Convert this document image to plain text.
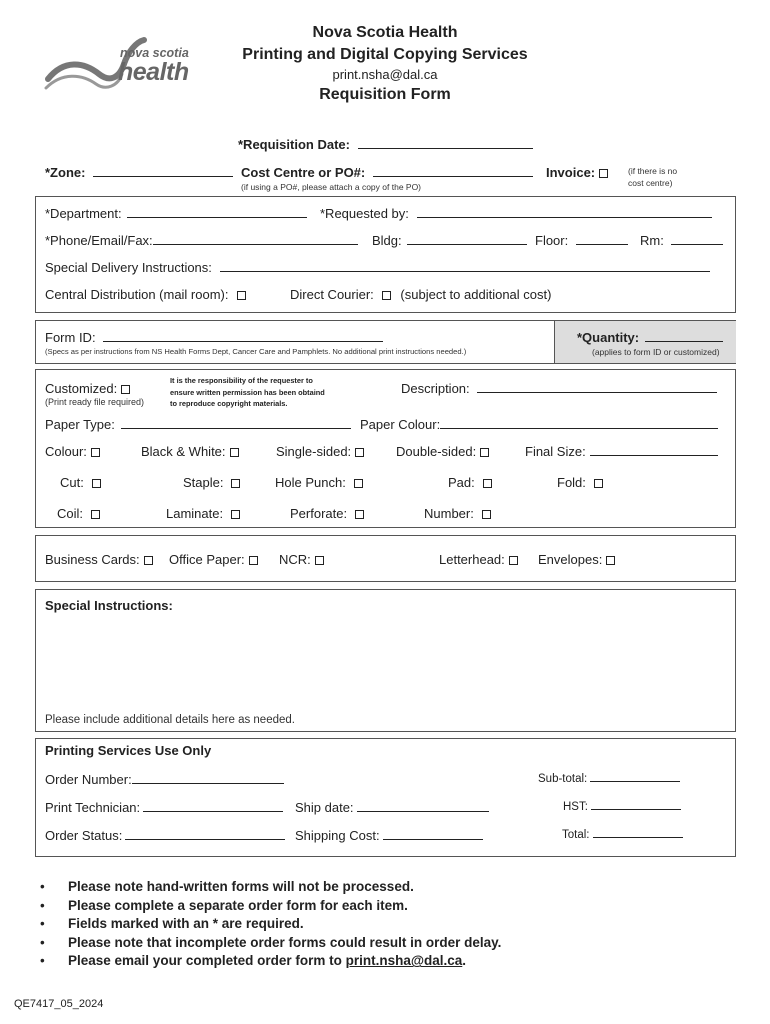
nova scotia
health
Nova Scotia Health
Printing and Digital Copying Services
print.nsha@dal.ca
Requisition Form
*Requisition Date:
*Zone:	Cost Centre or PO#:
(if using a PO#, please attach a copy of the PO)
Invoice:	(if there is no
cost centre)
*Department:	*Requested by:
*Phone/Email/Fax:	Bldg:	Floor:	Rm:
Special Delivery Instructions:
Central Distribution (mail room):	Direct Courier: (subject to additional cost)
Form ID:
(Specs as per instructions from NS Health Forms Dept, Cancer Care and Pamphlets. No additional print instructions needed.)
*Quantity:
(applies to form ID or customized)
Customized:
(Print ready file required)
It is the responsibility of the requester to
ensure written permission has been obtaind
to reproduce copyright materials.
Description:
Paper Type:	Paper Colour:
Colour:	Black & White:	Single-sided:	Double-sided:	Final Size:
Cut:	Staple:	Hole Punch:	Pad:	Fold:
Coil:	Laminate:	Perforate:	Number:
Business Cards:	Office Paper:	NCR:	Letterhead:	Envelopes:
Special Instructions:
Please include additional details here as needed.
Printing Services Use Only
Order Number:	Sub-total:
Print Technician:	Ship date:	HST:
Order Status:	Shipping Cost:	Total:
• Please note hand-written forms will not be processed.
• Please complete a separate order form for each item.
• Fields marked with an * are required.
• Please note that incomplete order forms could result in order delay.
• Please email your completed order form to print.nsha@dal.ca.
QE7417_05_2024
